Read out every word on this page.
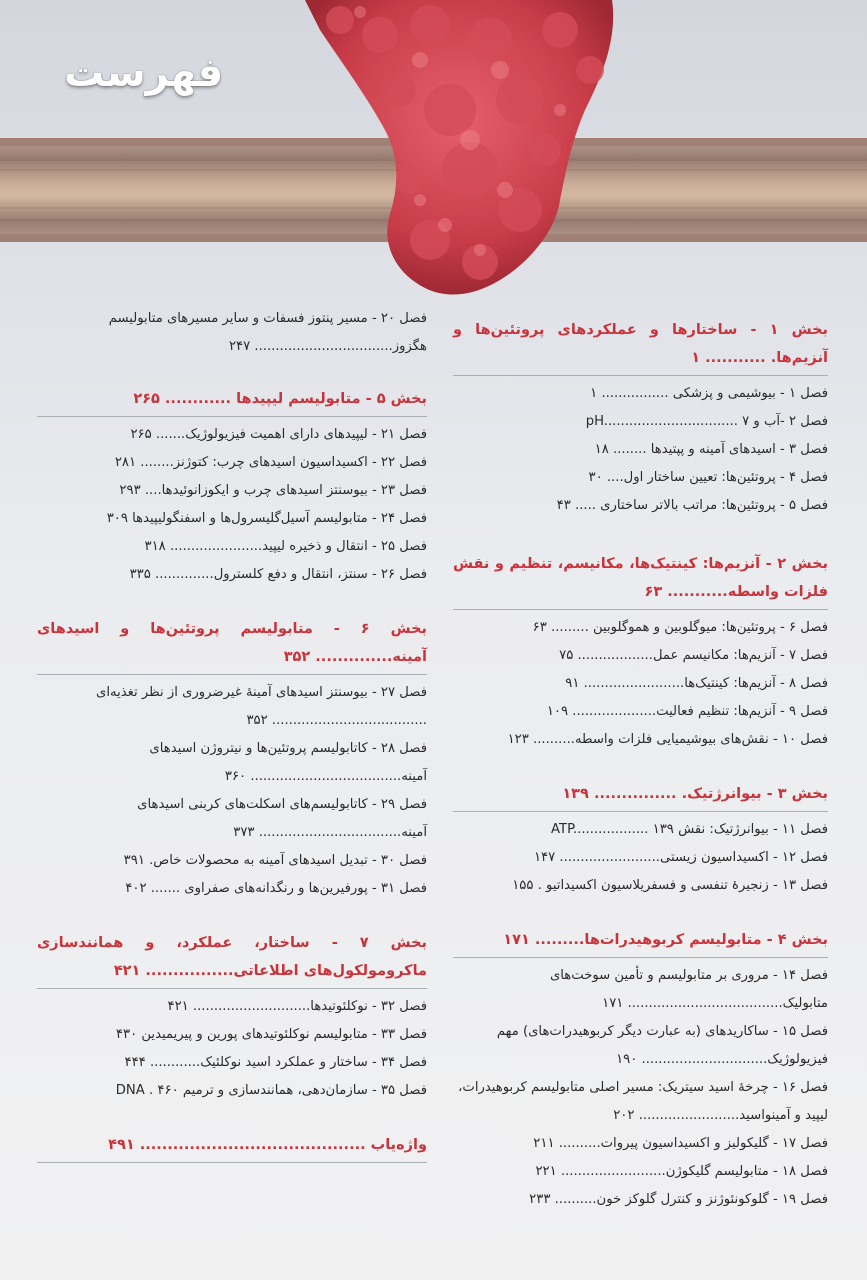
فهرست
بخش ۱ - ساختارها و عملکردهای پروتئین‌ها و آنزیم‌ها. ........... ۱
فصل ۱ - بیوشیمی و پزشکی ................ ۱
فصل ۲ -آب و pH................................ ۷
فصل ۳ - اسیدهای آمینه و پپتیدها ........ ۱۸
فصل ۴ - پروتئین‌ها: تعیین ساختار اول.... ۳۰
فصل ۵ - پروتئین‌ها: مراتب بالاتر ساختاری ..... ۴۳
بخش ۲ - آنزیم‌ها: کینتیک‌ها، مکانیسم، تنظیم و نقش فلزات واسطه........... ۶۳
فصل ۶ - پروتئین‌ها: میوگلوبین و هموگلوبین ......... ۶۳
فصل ۷ - آنزیم‌ها: مکانیسم عمل.................. ۷۵
فصل ۸ - آنزیم‌ها: کینتیک‌ها........................ ۹۱
فصل ۹ - آنزیم‌ها: تنظیم فعالیت.................... ۱۰۹
فصل ۱۰ - نقش‌های بیوشیمیایی فلزات واسطه.......... ۱۲۳
بخش ۳ - بیوانرژتیک. ............... ۱۳۹
فصل ۱۱ - بیوانرژتیک: نقش ATP.................. ۱۳۹
فصل ۱۲ - اکسیداسیون زیستی........................ ۱۴۷
فصل ۱۳ - زنجیرهٔ تنفسی و فسفریلاسیون اکسیداتیو . ۱۵۵
بخش ۴ - متابولیسم کربوهیدرات‌ها......... ۱۷۱
فصل ۱۴ - مروری بر متابولیسم و تأمین سوخت‌های متابولیک..................................... ۱۷۱
فصل ۱۵ - ساکاریدهای (به عبارت دیگر کربوهیدرات‌های) مهم فیزیولوژیک.............................. ۱۹۰
فصل ۱۶ - چرخهٔ اسید سیتریک: مسیر اصلی متابولیسم کربوهیدرات، لیپید و آمینواسید........................ ۲۰۲
فصل ۱۷ - گلیکولیز و اکسیداسیون پیروات.......... ۲۱۱
فصل ۱۸ - متابولیسم گلیکوژن......................... ۲۲۱
فصل ۱۹ - گلوکونئوژنز و کنترل گلوکز خون.......... ۲۳۳
فصل ۲۰ - مسیر پنتوز فسفات و سایر مسیرهای متابولیسم هگزوز................................. ۲۴۷
بخش ۵ - متابولیسم لیپیدها ............ ۲۶۵
فصل ۲۱ - لیپیدهای دارای اهمیت فیزیولوژیک....... ۲۶۵
فصل ۲۲ - اکسیداسیون اسیدهای چرب: کتوژنز........ ۲۸۱
فصل ۲۳ - بیوسنتز اسیدهای چرب و ایکوزانوئیدها.... ۲۹۳
فصل ۲۴ - متابولیسم آسیل‌گلیسرول‌ها و اسفنگولیپیدها ۳۰۹
فصل ۲۵ - انتقال و ذخیره لیپید...................... ۳۱۸
فصل ۲۶ - سنتز، انتقال و دفع کلسترول.............. ۳۳۵
بخش ۶ - متابولیسم پروتئین‌ها و اسیدهای آمینه.............. ۳۵۲
فصل ۲۷ - بیوسنتز اسیدهای آمینهٔ غیرضروری از نظر تغذیه‌ای ..................................... ۳۵۲
فصل ۲۸ - کاتابولیسم پروتئین‌ها و نیتروژن اسیدهای آمینه.................................... ۳۶۰
فصل ۲۹ - کاتابولیسم‌های اسکلت‌های کربنی اسیدهای آمینه.................................. ۳۷۳
فصل ۳۰ - تبدیل اسیدهای آمینه به محصولات خاص. ۳۹۱
فصل ۳۱ - پورفیرین‌ها و رنگدانه‌های صفراوی ....... ۴۰۲
بخش ۷ - ساختار، عملکرد، و همانندسازی ماکرومولکول‌های اطلاعاتی................ ۴۲۱
فصل ۳۲ - نوکلئوتیدها............................ ۴۲۱
فصل ۳۳ - متابولیسم نوکلئوتیدهای پورین و پیریمیدین ۴۳۰
فصل ۳۴ - ساختار و عملکرد اسید نوکلئیک............ ۴۴۴
فصل ۳۵ - سازمان‌دهی، همانندسازی و ترمیم DNA . ۴۶۰
واژه‌یاب ......................................... ۴۹۱
